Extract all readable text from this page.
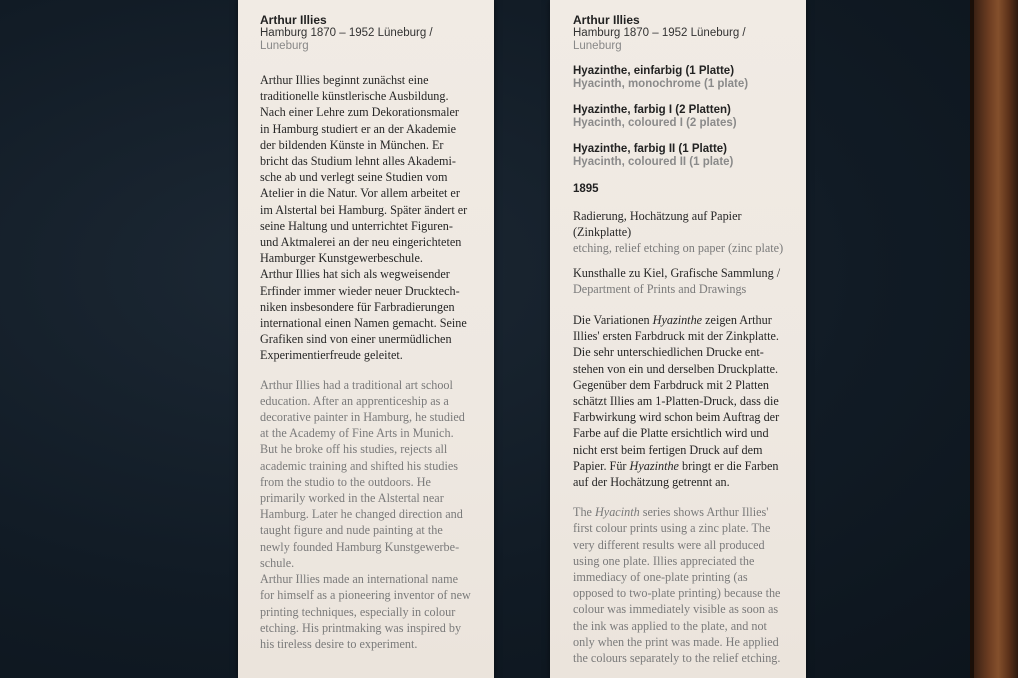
Arthur Illies
Hamburg 1870 – 1952 Lüneburg /
Luneburg
Arthur Illies beginnt zunächst eine
traditionelle künstlerische Ausbildung.
Nach einer Lehre zum Dekorationsmaler
in Hamburg studiert er an der Akademie
der bildenden Künste in München. Er
bricht das Studium lehnt alles Akademi-
sche ab und verlegt seine Studien vom
Atelier in die Natur. Vor allem arbeitet er
im Alstertal bei Hamburg. Später ändert er
seine Haltung und unterrichtet Figuren-
und Aktmalerei an der neu eingerichteten
Hamburger Kunstgewerbeschule.
Arthur Illies hat sich als wegweisender
Erfinder immer wieder neuer Drucktech-
niken insbesondere für Farbradierungen
international einen Namen gemacht. Seine
Grafiken sind von einer unermüdlichen
Experimentierfreude geleitet.
Arthur Illies had a traditional art school
education. After an apprenticeship as a
decorative painter in Hamburg, he studied
at the Academy of Fine Arts in Munich.
But he broke off his studies, rejects all
academic training and shifted his studies
from the studio to the outdoors. He
primarily worked in the Alstertal near
Hamburg. Later he changed direction and
taught figure and nude painting at the
newly founded Hamburg Kunstgewerbe-
schule.
Arthur Illies made an international name
for himself as a pioneering inventor of new
printing techniques, especially in colour
etching. His printmaking was inspired by
his tireless desire to experiment.
Arthur Illies
Hamburg 1870 – 1952 Lüneburg /
Luneburg
Hyazinthe, einfarbig (1 Platte)
Hyacinth, monochrome (1 plate)
Hyazinthe, farbig I (2 Platten)
Hyacinth, coloured I (2 plates)
Hyazinthe, farbig II (1 Platte)
Hyacinth, coloured II (1 plate)
1895
Radierung, Hochätzung auf Papier
(Zinkplatte)
etching, relief etching on paper (zinc plate)
Kunsthalle zu Kiel, Grafische Sammlung /
Department of Prints and Drawings
Die Variationen Hyazinthe zeigen Arthur
Illies' ersten Farbdruck mit der Zinkplatte.
Die sehr unterschiedlichen Drucke ent-
stehen von ein und derselben Druckplatte.
Gegenüber dem Farbdruck mit 2 Platten
schätzt Illies am 1-Platten-Druck, dass die
Farbwirkung wird schon beim Auftrag der
Farbe auf die Platte ersichtlich wird und
nicht erst beim fertigen Druck auf dem
Papier. Für Hyazinthe bringt er die Farben
auf der Hochätzung getrennt an.
The Hyacinth series shows Arthur Illies'
first colour prints using a zinc plate. The
very different results were all produced
using one plate. Illies appreciated the
immediacy of one-plate printing (as
opposed to two-plate printing) because the
colour was immediately visible as soon as
the ink was applied to the plate, and not
only when the print was made. He applied
the colours separately to the relief etching.
